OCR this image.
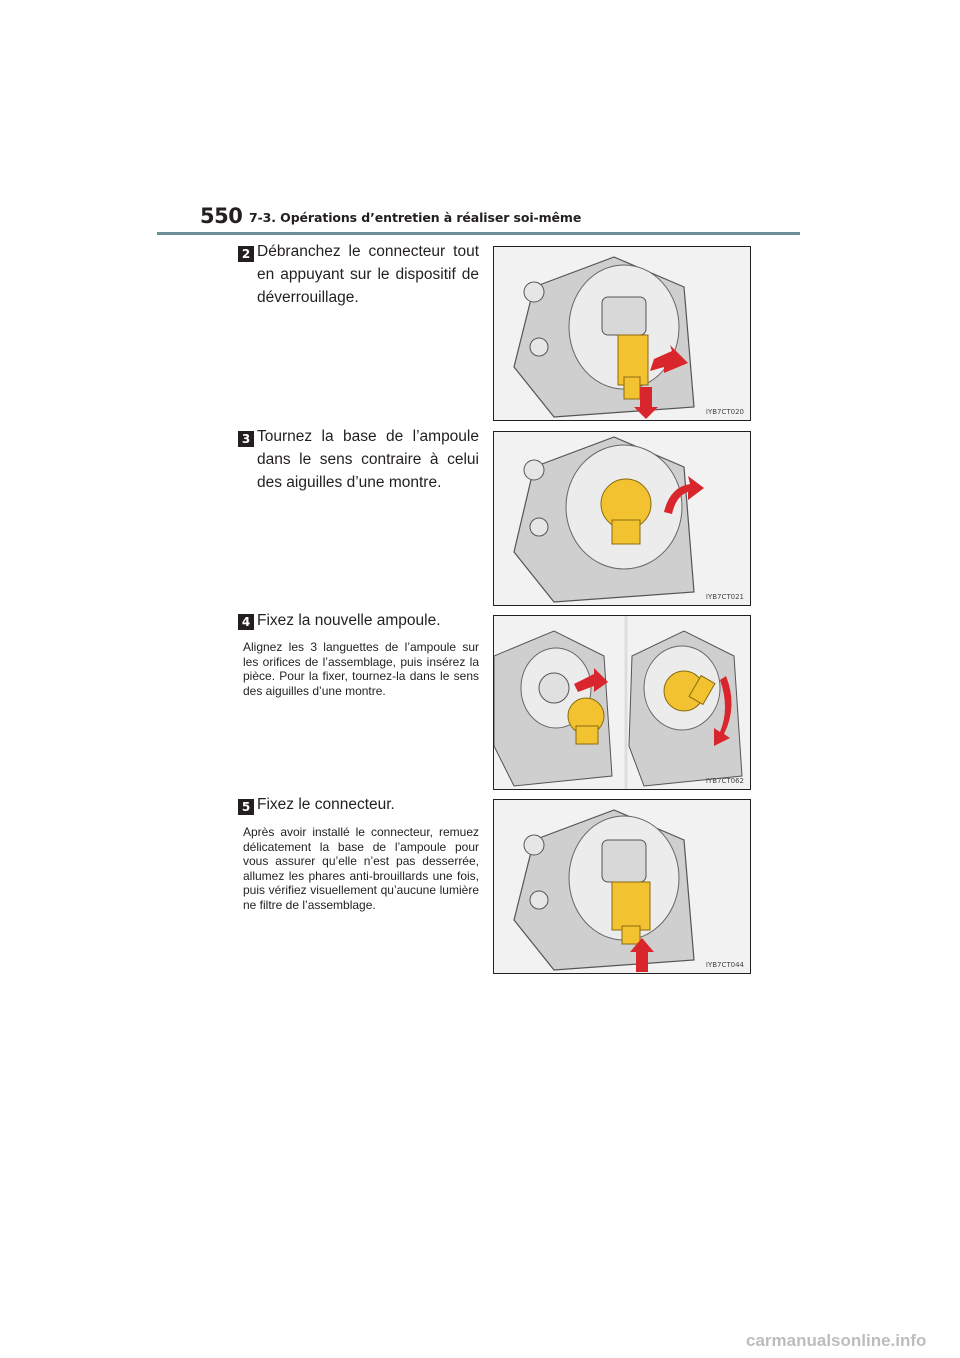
550 7-3. Opérations d’entretien à réaliser soi-même
2 Débranchez le connecteur tout en appuyant sur le dispositif de déverrouillage.
IYB7CT020
3 Tournez la base de l’ampoule dans le sens contraire à celui des aiguilles d’une montre.
IYB7CT021
4 Fixez la nouvelle ampoule.
Alignez les 3 languettes de l’ampoule sur les orifices de l’assemblage, puis insérez la pièce. Pour la fixer, tournez-la dans le sens des aiguilles d’une montre.
IYB7CT062
5 Fixez le connecteur.
Après avoir installé le connecteur, remuez délicatement la base de l’ampoule pour vous assurer qu’elle n’est pas desserrée, allumez les phares anti-brouillards une fois, puis vérifiez visuellement qu’aucune lumière ne filtre de l’assemblage.
IYB7CT044
carmanualsonline.info
